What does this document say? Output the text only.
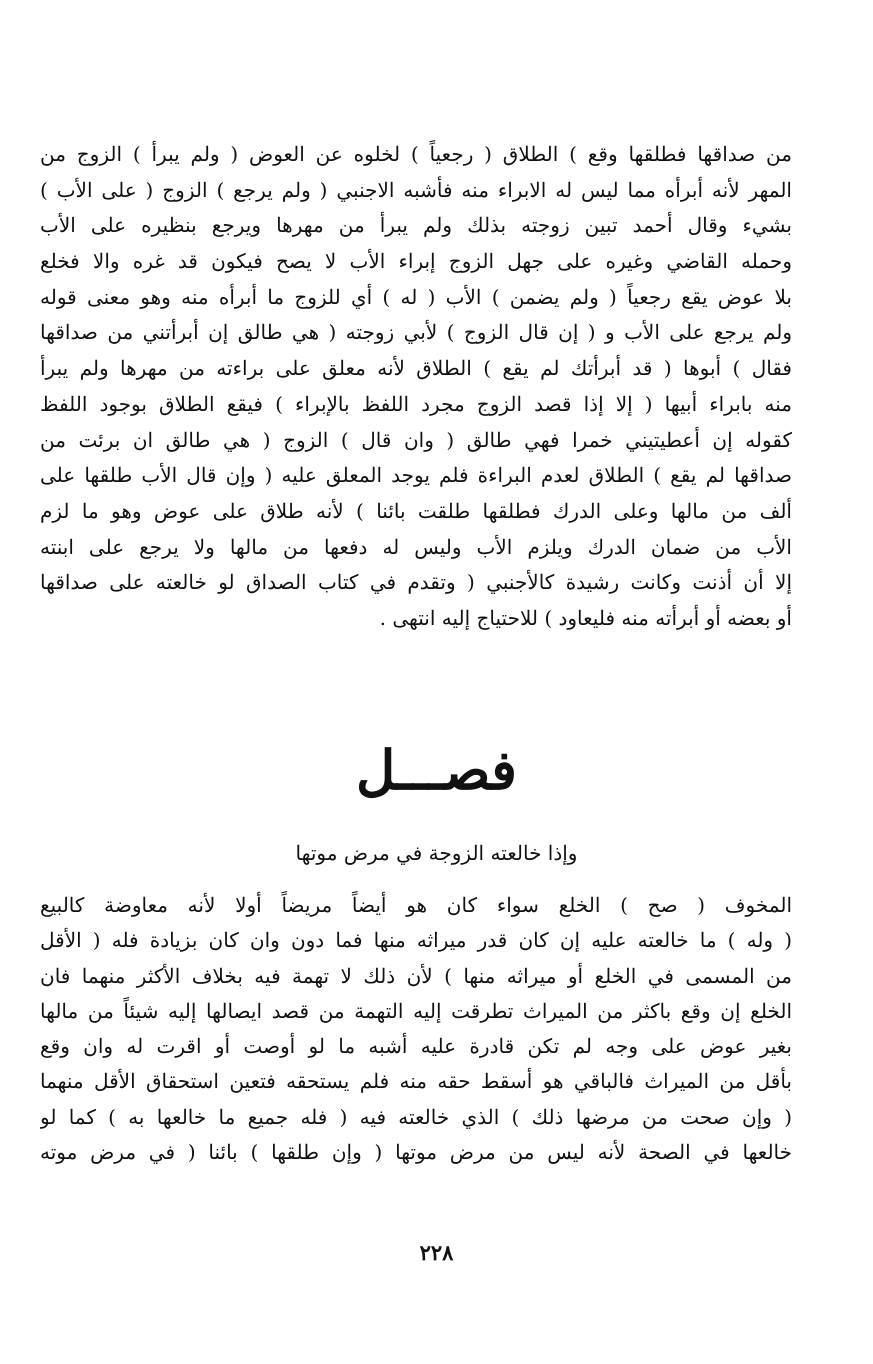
من صداقها فطلقها وقع ) الطلاق ( رجعياً ) لخلوه عن العوض ( ولم يبرأ ) الزوج من
المهر لأنه أبرأه مما ليس له الابراء منه فأشبه الاجنبي ( ولم يرجع ) الزوج ( على الأب )
بشيء وقال أحمد تبين زوجته بذلك ولم يبرأ من مهرها ويرجع بنظيره على الأب
وحمله القاضي وغيره على جهل الزوج إبراء الأب لا يصح فيكون قد غره والا فخلع
بلا عوض يقع رجعياً ( ولم يضمن ) الأب ( له ) أي للزوج ما أبرأه منه وهو معنى قوله
ولم يرجع على الأب و ( إن قال الزوج ) لأبي زوجته ( هي طالق إن أبرأتني من صداقها
فقال ) أبوها ( قد أبرأتك لم يقع ) الطلاق لأنه معلق على براءته من مهرها ولم يبرأ
منه بابراء أبيها ( إلا إذا قصد الزوج مجرد اللفظ بالإبراء ) فيقع الطلاق بوجود اللفظ
كقوله إن أعطيتيني خمرا فهي طالق ( وان قال ) الزوج ( هي طالق ان برئت من
صداقها لم يقع ) الطلاق لعدم البراءة فلم يوجد المعلق عليه ( وإن قال الأب طلقها على
ألف من مالها وعلى الدرك فطلقها طلقت بائنا ) لأنه طلاق على عوض وهو ما لزم
الأب من ضمان الدرك ويلزم الأب وليس له دفعها من مالها ولا يرجع على ابنته
إلا أن أذنت وكانت رشيدة كالأجنبي ( وتقدم في كتاب الصداق لو خالعته على صداقها
أو بعضه أو أبرأته منه فليعاود ) للاحتياج إليه انتهى .
فصـــل
وإذا خالعته الزوجة في مرض موتها
المخوف ( صح ) الخلع سواء كان هو أيضاً مريضاً أولا لأنه معاوضة كالبيع
( وله ) ما خالعته عليه إن كان قدر ميراثه منها فما دون وان كان بزيادة فله ( الأقل
من المسمى في الخلع أو ميراثه منها ) لأن ذلك لا تهمة فيه بخلاف الأكثر منهما فان
الخلع إن وقع باكثر من الميراث تطرقت إليه التهمة من قصد ايصالها إليه شيئاً من مالها
بغير عوض على وجه لم تكن قادرة عليه أشبه ما لو أوصت أو اقرت له وان وقع
بأقل من الميراث فالباقي هو أسقط حقه منه فلم يستحقه فتعين استحقاق الأقل منهما
( وإن صحت من مرضها ذلك ) الذي خالعته فيه ( فله جميع ما خالعها به ) كما لو
خالعها في الصحة لأنه ليس من مرض موتها ( وإن طلقها ) بائنا ( في مرض موته
٢٢٨
